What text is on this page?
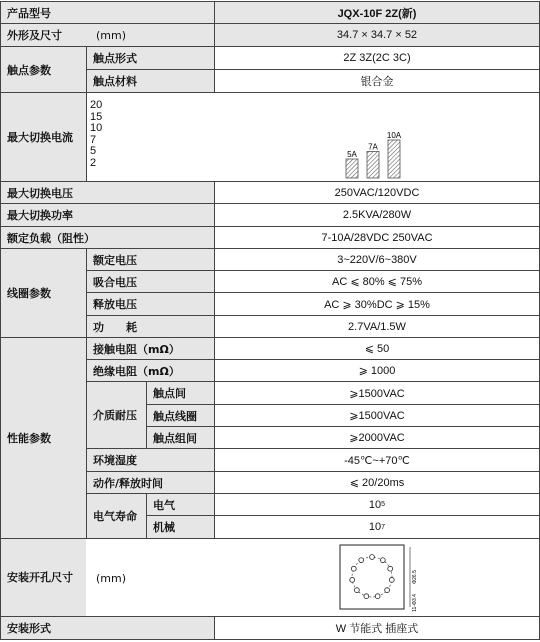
产品型号	JQX-10F 2Z(新)
外形及尺寸	(mm)	34.7 × 34.7 × 52
触点参数
触点形式	2Z 3Z(2C 3C)
触点材料	银合金
最大切换电流
20
15
10
7
5
2
5A
7A
10A
最大切换电压	250VAC/120VDC
最大切换功率	2.5KVA/280W
额定负载（阻性）	7-10A/28VDC 250VAC
线圈参数
额定电压	3~220V/6~380V
吸合电压	AC ⩽ 80% ⩽ 75%
释放电压	AC ⩾ 30%DC ⩾ 15%
功　　耗	2.7VA/1.5W
性能参数
接触电阻（mΩ）	⩽ 50
绝缘电阻（mΩ）	⩾ 1000
介质耐压
触点间	⩾1500VAC
触点线圈	⩾1500VAC
触点组间	⩾2000VAC
环境湿度	-45℃~+70℃
动作/释放时间	⩽ 20/20ms
电气寿命
电气	10 5
机械	10 7
安装开孔尺寸	(mm)	Φ26.5
11-Φ3.4
安装形式	W 节能式 插座式
